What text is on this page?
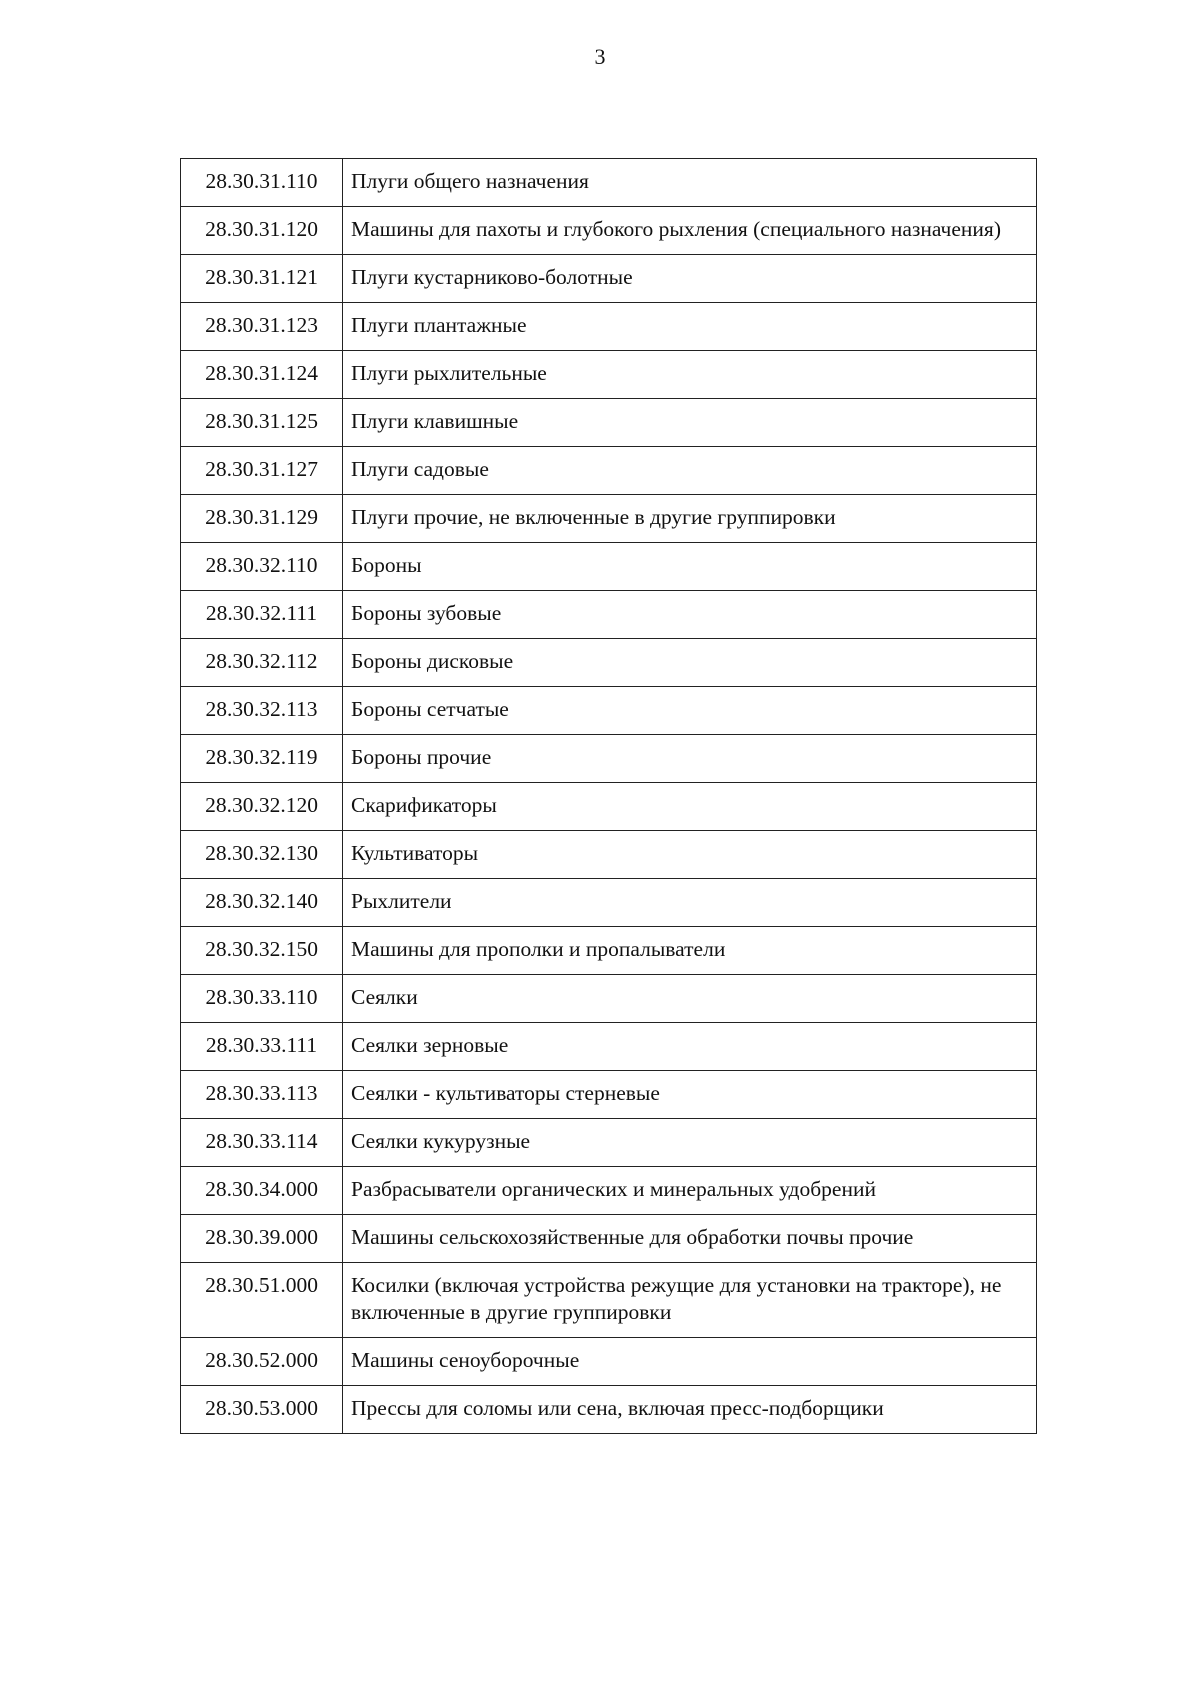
3
28.30.31.110	Плуги общего назначения
28.30.31.120	Машины для пахоты и глубокого рыхления (специального назначения)
28.30.31.121	Плуги кустарниково-болотные
28.30.31.123	Плуги плантажные
28.30.31.124	Плуги рыхлительные
28.30.31.125	Плуги клавишные
28.30.31.127	Плуги садовые
28.30.31.129	Плуги прочие, не включенные в другие группировки
28.30.32.110	Бороны
28.30.32.111	Бороны зубовые
28.30.32.112	Бороны дисковые
28.30.32.113	Бороны сетчатые
28.30.32.119	Бороны прочие
28.30.32.120	Скарификаторы
28.30.32.130	Культиваторы
28.30.32.140	Рыхлители
28.30.32.150	Машины для прополки и пропалыватели
28.30.33.110	Сеялки
28.30.33.111	Сеялки зерновые
28.30.33.113	Сеялки - культиваторы стерневые
28.30.33.114	Сеялки кукурузные
28.30.34.000	Разбрасыватели органических и минеральных удобрений
28.30.39.000	Машины сельскохозяйственные для обработки почвы прочие
28.30.51.000	Косилки (включая устройства режущие для установки на тракторе), не включенные в другие группировки
28.30.52.000	Машины сеноуборочные
28.30.53.000	Прессы для соломы или сена, включая пресс-подборщики
